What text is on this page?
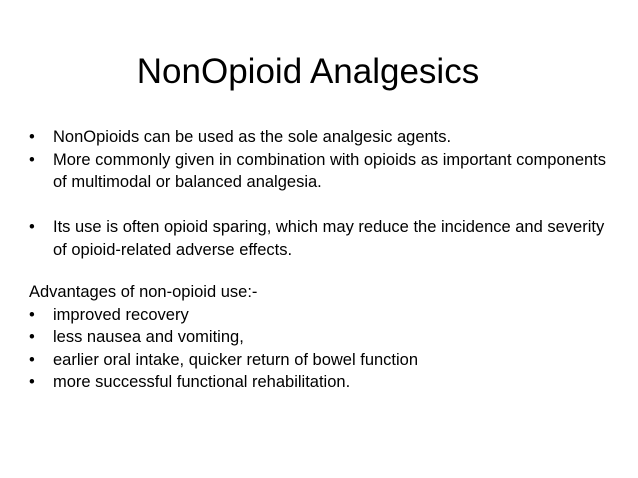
NonOpioid Analgesics
• NonOpioids can be used as the sole analgesic agents.
• More commonly given in combination with opioids as important components of multimodal or balanced analgesia.
• Its use is often opioid sparing, which may reduce the incidence and severity of opioid-related adverse effects.
Advantages of non-opioid use:-
• improved recovery
• less nausea and vomiting,
• earlier oral intake, quicker return of bowel function
• more successful functional rehabilitation.
